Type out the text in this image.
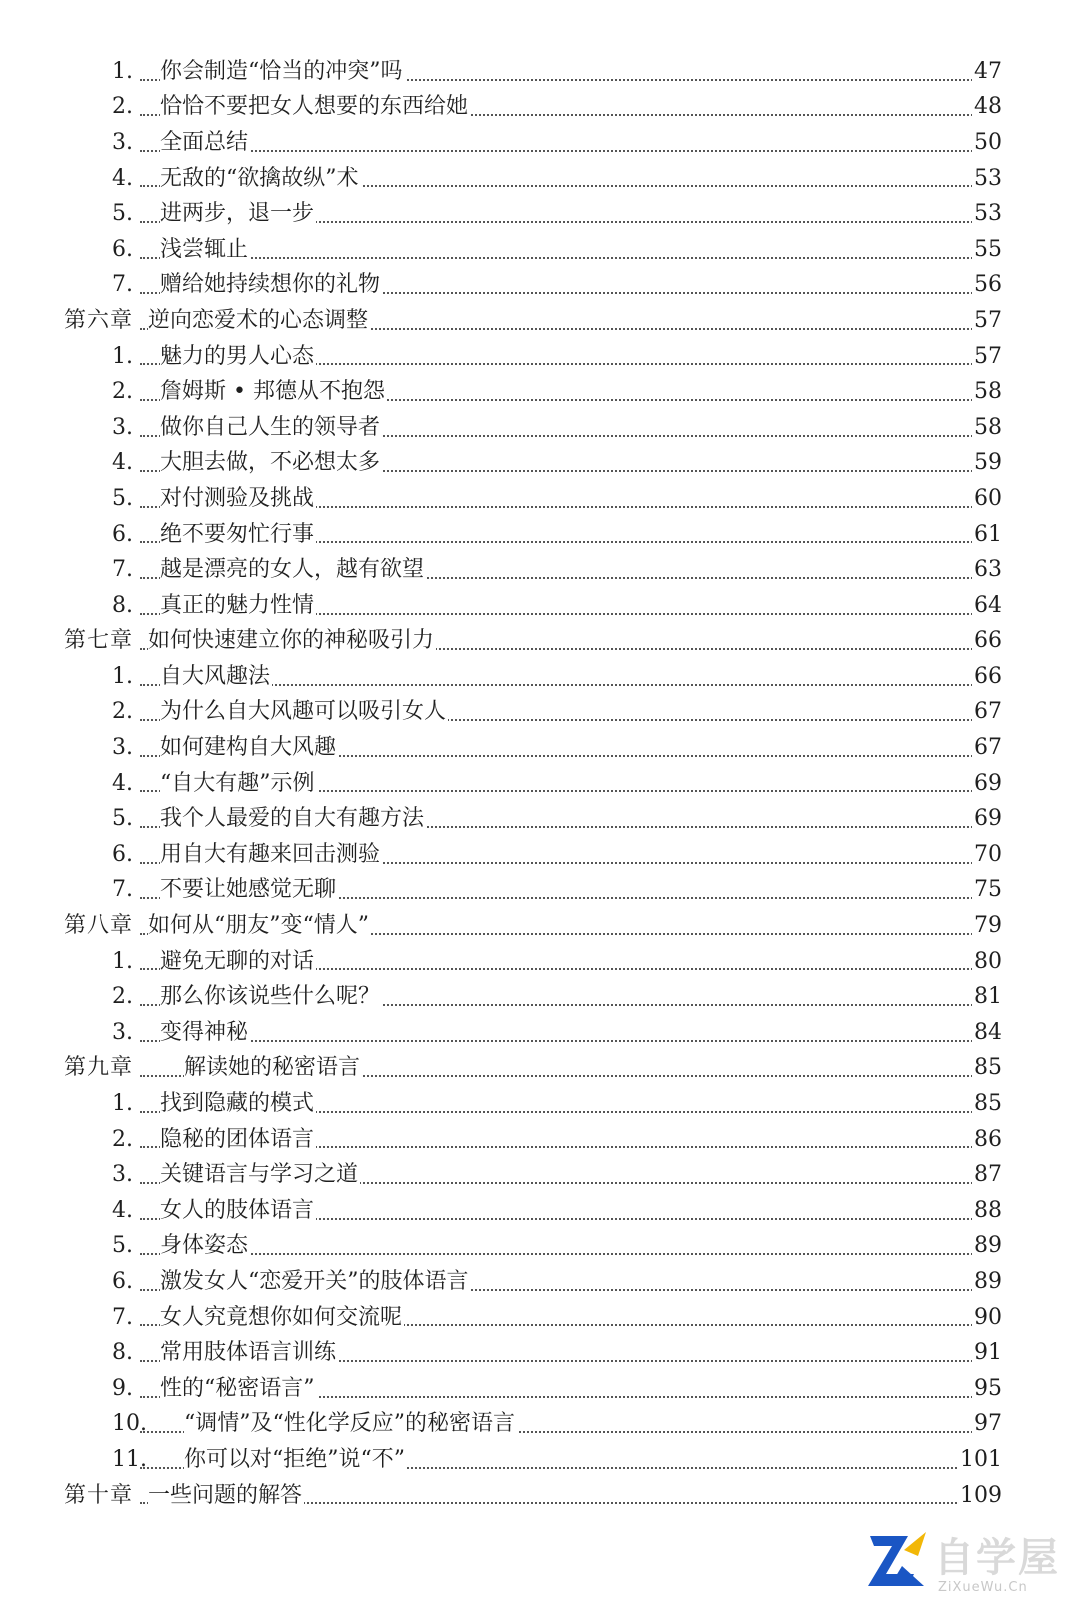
1.	你会制造“恰当的冲突”吗	47
2.	恰恰不要把女人想要的东西给她	48
3.	全面总结	50
4.	无敌的“欲擒故纵”术	53
5.	进两步，退一步	53
6.	浅尝辄止	55
7.	赠给她持续想你的礼物	56
第六章 逆向恋爱术的心态调整	57
1.	魅力的男人心态	57
2.	詹姆斯 • 邦德从不抱怨	58
3.	做你自己人生的领导者	58
4.	大胆去做，不必想太多	59
5.	对付测验及挑战	60
6.	绝不要匆忙行事	61
7.	越是漂亮的女人，越有欲望	63
8.	真正的魅力性情	64
第七章 如何快速建立你的神秘吸引力	66
1.	自大风趣法	66
2.	为什么自大风趣可以吸引女人	67
3.	如何建构自大风趣	67
4.	“自大有趣”示例	69
5.	我个人最爱的自大有趣方法	69
6.	用自大有趣来回击测验	70
7.	不要让她感觉无聊	75
第八章 如何从“朋友”变“情人”	79
1.	避免无聊的对话	80
2.	那么你该说些什么呢？	81
3.	变得神秘	84
第九章 解读她的秘密语言	85
1.	找到隐藏的模式	85
2.	隐秘的团体语言	86
3.	关键语言与学习之道	87
4.	女人的肢体语言	88
5.	身体姿态	89
6.	激发女人“恋爱开关”的肢体语言	89
7.	女人究竟想你如何交流呢	90
8.	常用肢体语言训练	91
9.	性的“秘密语言”	95
10. “调情”及“性化学反应”的秘密语言	97
11. 你可以对“拒绝”说“不”	101
第十章 一些问题的解答	109
自学屋
ZiXueWu.Cn
